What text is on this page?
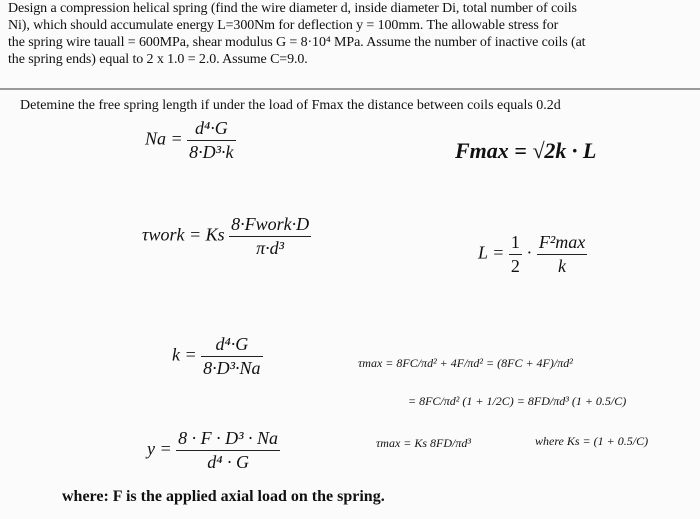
Design a compression helical spring (find the wire diameter d, inside diameter Di, total number of coils

Ni), which should accumulate energy L=300Nm for deflection y = 100mm. The allowable stress for

the spring wire tauall = 600MPa, shear modulus G = 8·10⁴ MPa. Assume the number of inactive coils (at

the spring ends) equal to 2 x 1.0 = 2.0. Assume C=9.0.

Detemine the free spring length if under the load of Fmax the distance between coils equals 0.2d
$Na = \frac{\text{d⁴·G}}{\text{8·D³·k}}$	Fmax = √2k · L
τwork = Ks $\frac{\text{8·Fwork·D}}{\text{π·d³}}$	$L = \frac{1}{2} \cdot \frac{\text{F²max}}{k}$
$k = \frac{\text{d⁴·G}}{\text{8·D³·Na}}$	τmax = 8FC/πd² + 4F/πd² = (8FC + 4F)/πd²
= 8FC/πd² (1 + 1/2C) = 8FD/πd³ (1 + 0.5/C)
τmax = Ks 8FD/πd³	where Ks = (1 + 0.5/C)
$y = \frac{\text{8 · F · D³ · Na}}{\text{d⁴ · G}}$
where: F is the applied axial load on the spring.
